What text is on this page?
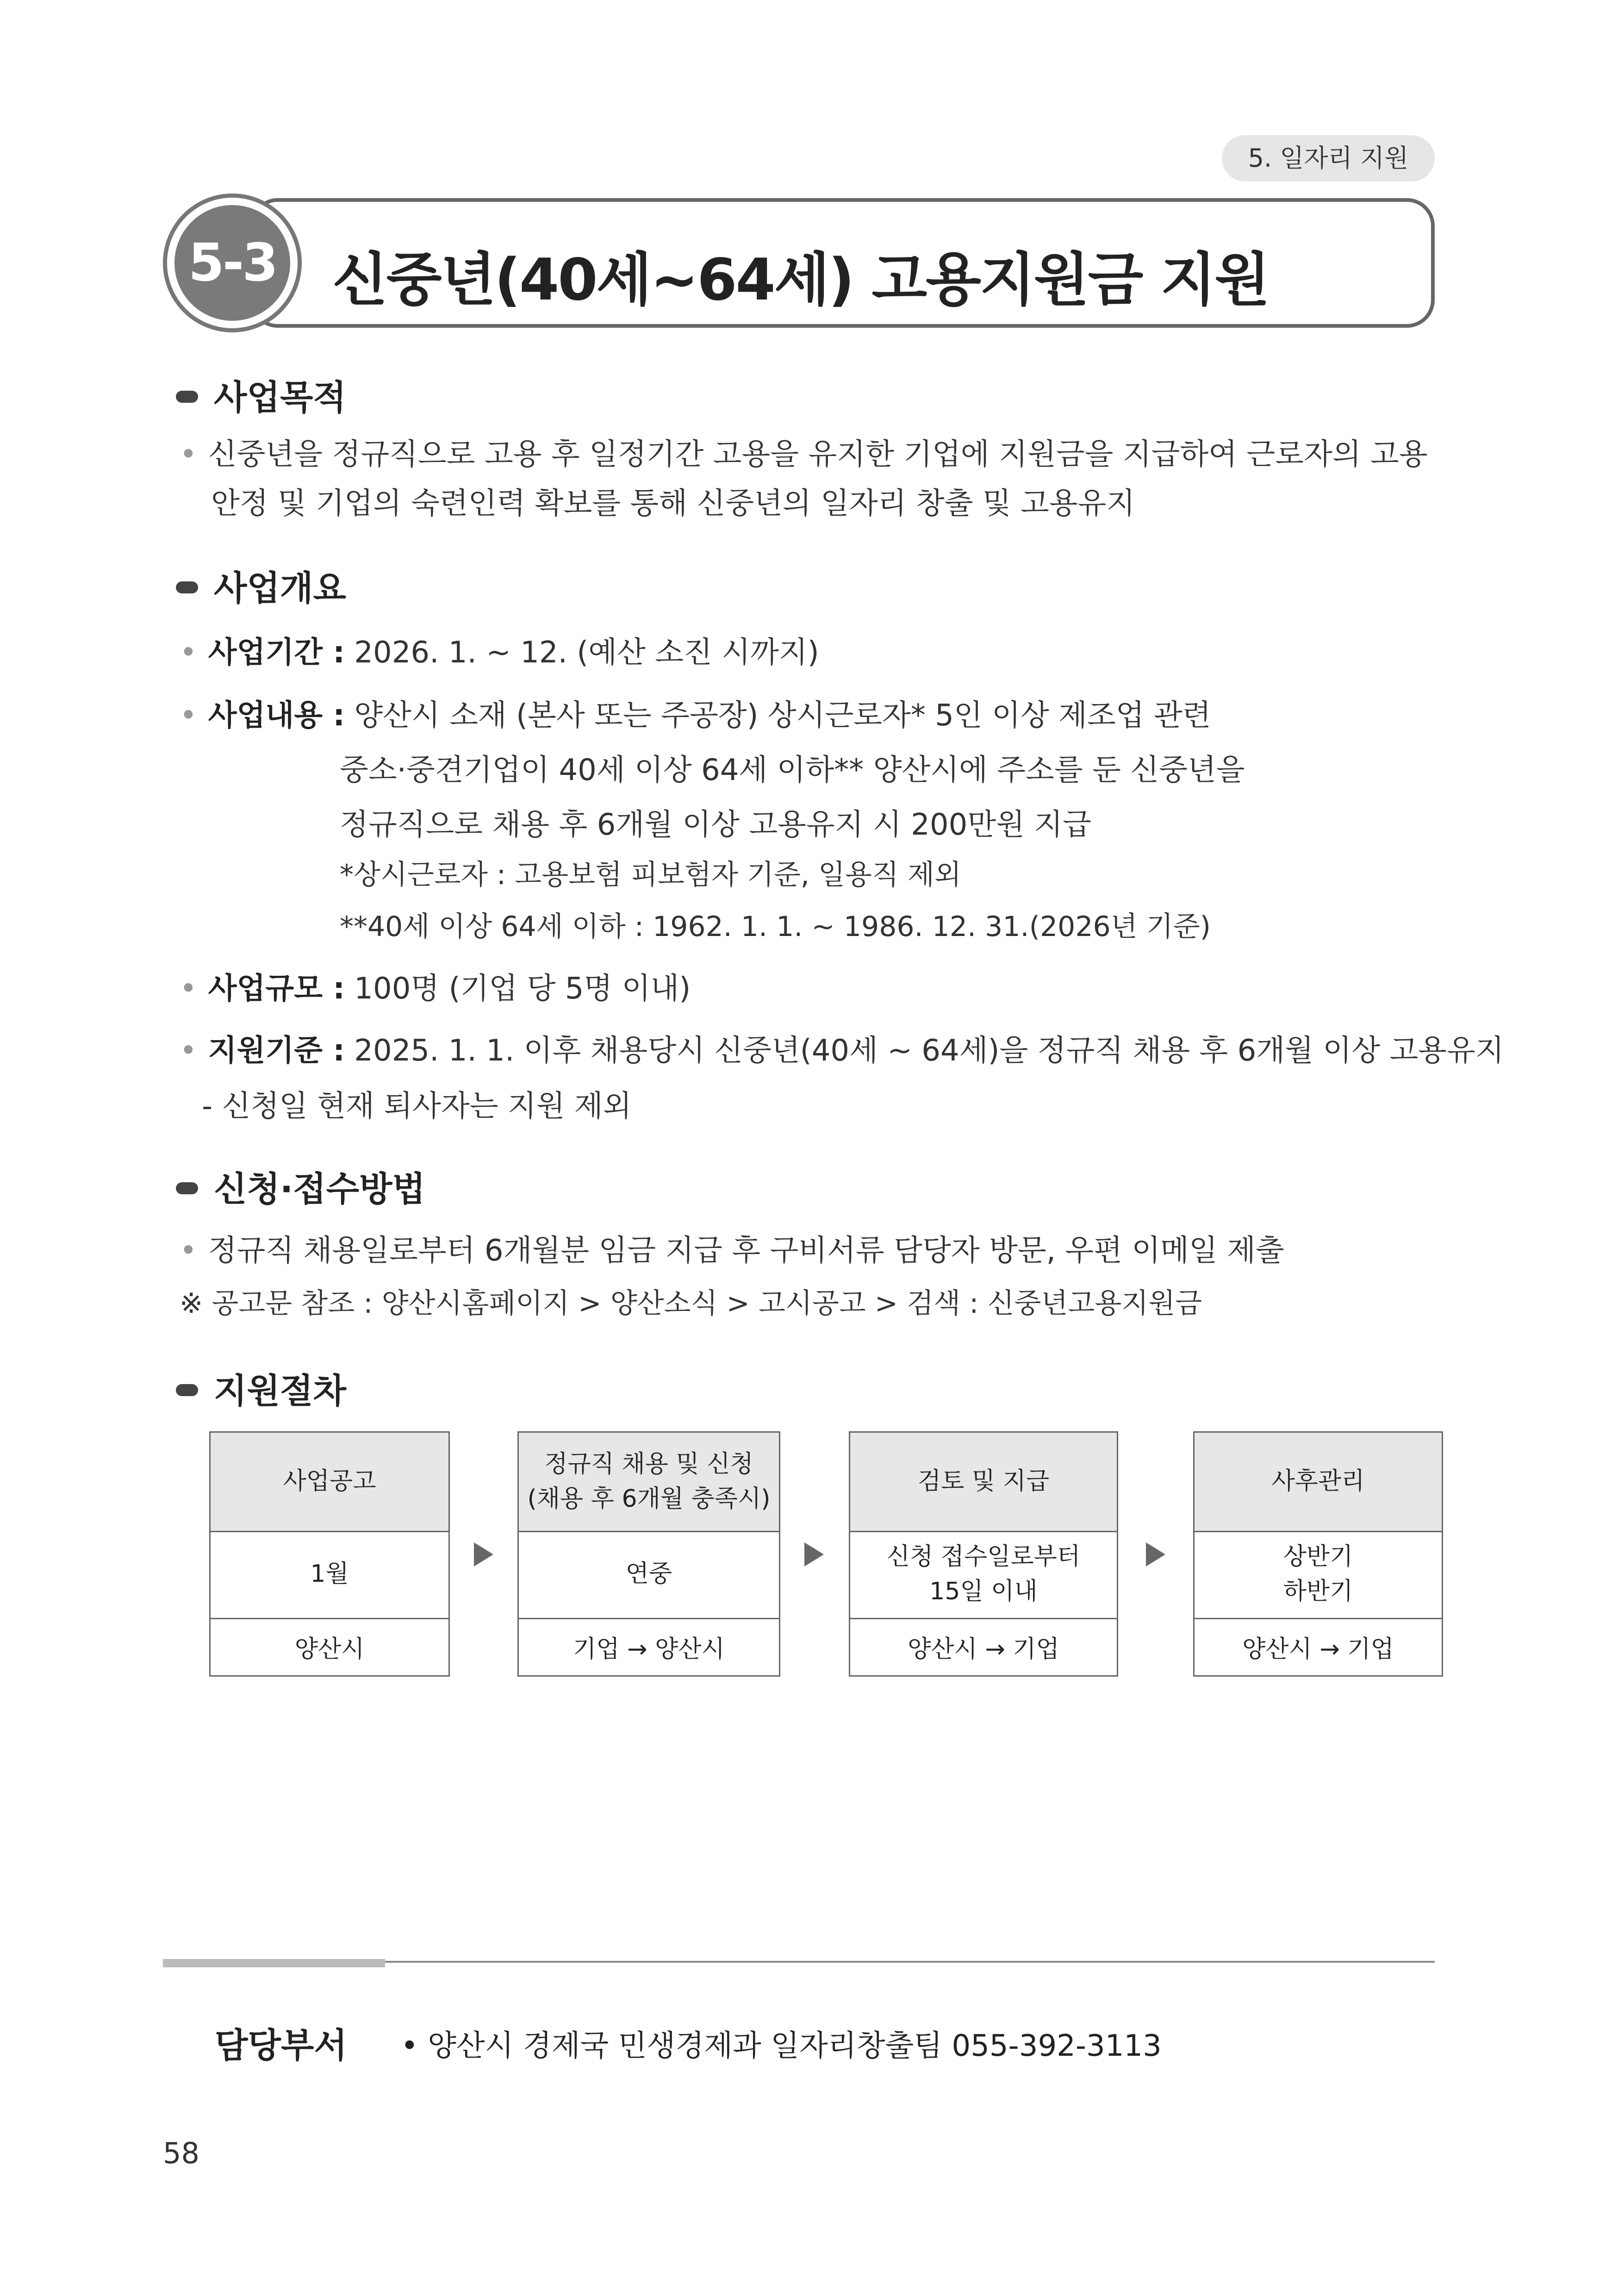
5. 일자리 지원
5-3 신중년(40세~64세) 고용지원금 지원
사업목적
• 신중년을 정규직으로 고용 후 일정기간 고용을 유지한 기업에 지원금을 지급하여 근로자의 고용
안정 및 기업의 숙련인력 확보를 통해 신중년의 일자리 창출 및 고용유지
사업개요
• 사업기간 : 2026. 1. ~ 12. (예산 소진 시까지)
• 사업내용 : 양산시 소재 (본사 또는 주공장) 상시근로자* 5인 이상 제조업 관련
중소·중견기업이 40세 이상 64세 이하** 양산시에 주소를 둔 신중년을
정규직으로 채용 후 6개월 이상 고용유지 시 200만원 지급
*상시근로자 : 고용보험 피보험자 기준, 일용직 제외
**40세 이상 64세 이하 : 1962. 1. 1. ~ 1986. 12. 31.(2026년 기준)
• 사업규모 : 100명 (기업 당 5명 이내)
• 지원기준 : 2025. 1. 1. 이후 채용당시 신중년(40세 ~ 64세)을 정규직 채용 후 6개월 이상 고용유지
- 신청일 현재 퇴사자는 지원 제외
신청·접수방법
• 정규직 채용일로부터 6개월분 임금 지급 후 구비서류 담당자 방문, 우편 이메일 제출
※ 공고문 참조 : 양산시홈페이지 > 양산소식 > 고시공고 > 검색 : 신중년고용지원금
지원절차
사업공고

1월

양산시
정규직 채용 및 신청
(채용 후 6개월 충족시)
연중

기업 → 양산시
검토 및 지급

신청 접수일로부터
15일 이내
양산시 → 기업
사후관리

상반기
하반기
양산시 → 기업
담당부서 • 양산시 경제국 민생경제과 일자리창출팀 055-392-3113
58
